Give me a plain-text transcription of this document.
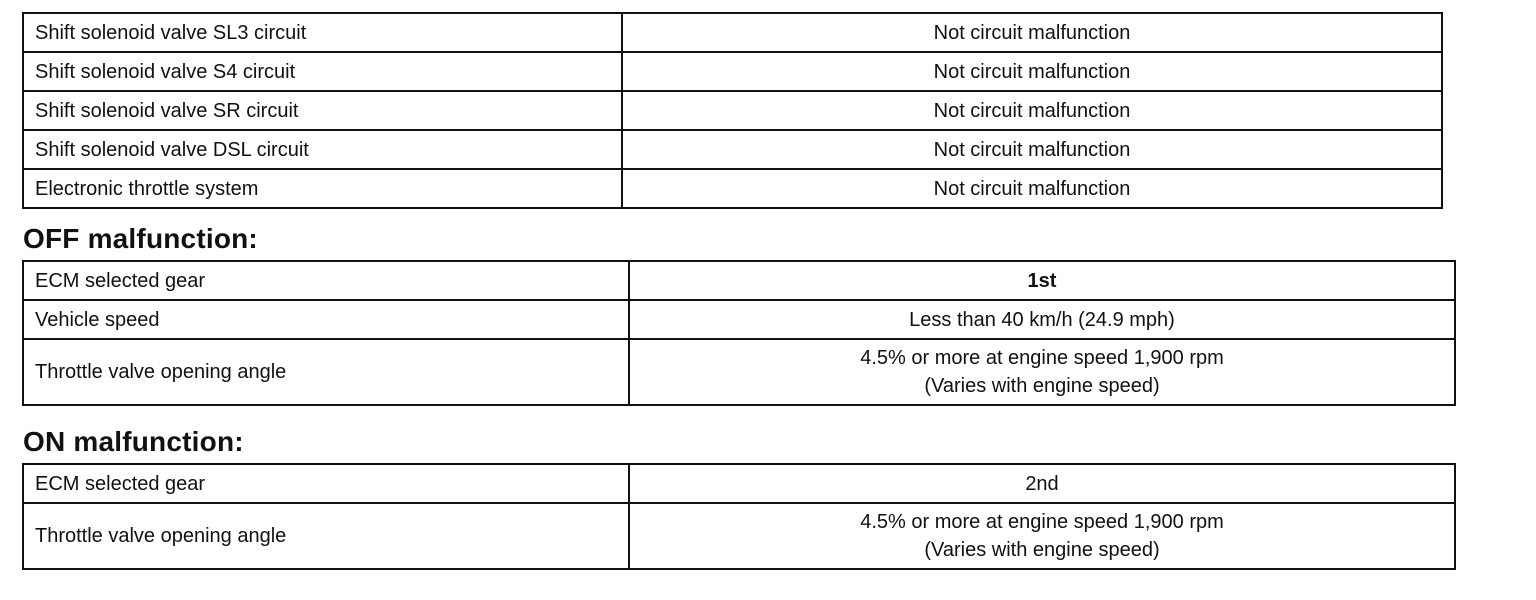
Shift solenoid valve SL3 circuit	Not circuit malfunction
Shift solenoid valve S4 circuit	Not circuit malfunction
Shift solenoid valve SR circuit	Not circuit malfunction
Shift solenoid valve DSL circuit	Not circuit malfunction
Electronic throttle system	Not circuit malfunction
OFF malfunction:
ECM selected gear	1st
Vehicle speed	Less than 40 km/h (24.9 mph)
Throttle valve opening angle	4.5% or more at engine speed 1,900 rpm
(Varies with engine speed)
ON malfunction:
ECM selected gear	2nd
Throttle valve opening angle	4.5% or more at engine speed 1,900 rpm
(Varies with engine speed)
